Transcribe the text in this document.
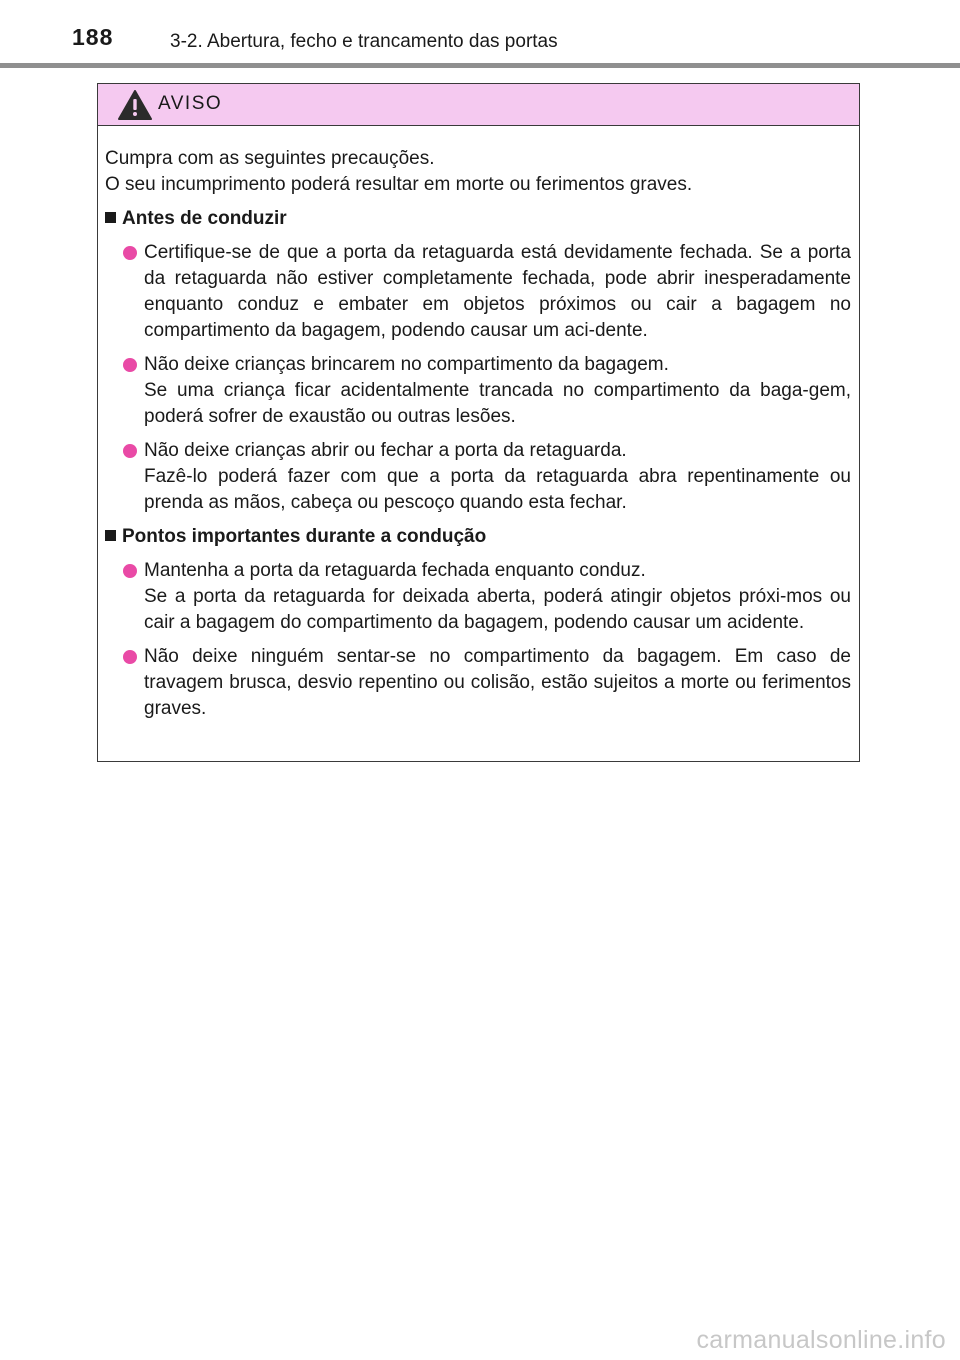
188	3-2. Abertura, fecho e trancamento das portas
AVISO

Cumpra com as seguintes precauções.

O seu incumprimento poderá resultar em morte ou ferimentos graves.

Antes de conduzir

Certifique-se de que a porta da retaguarda está devidamente fechada. Se a porta da retaguarda não estiver completamente fechada, pode abrir inesperadamente enquanto conduz e embater em objetos próximos ou cair a bagagem no compartimento da bagagem, podendo causar um aci-dente.

Não deixe crianças brincarem no compartimento da bagagem.

Se uma criança ficar acidentalmente trancada no compartimento da baga-gem, poderá sofrer de exaustão ou outras lesões.

Não deixe crianças abrir ou fechar a porta da retaguarda.

Fazê-lo poderá fazer com que a porta da retaguarda abra repentinamente ou prenda as mãos, cabeça ou pescoço quando esta fechar.

Pontos importantes durante a condução

Mantenha a porta da retaguarda fechada enquanto conduz.

Se a porta da retaguarda for deixada aberta, poderá atingir objetos próxi-mos ou cair a bagagem do compartimento da bagagem, podendo causar um acidente.

Não deixe ninguém sentar-se no compartimento da bagagem. Em caso de travagem brusca, desvio repentino ou colisão, estão sujeitos a morte ou ferimentos graves.

carmanualsonline.info
